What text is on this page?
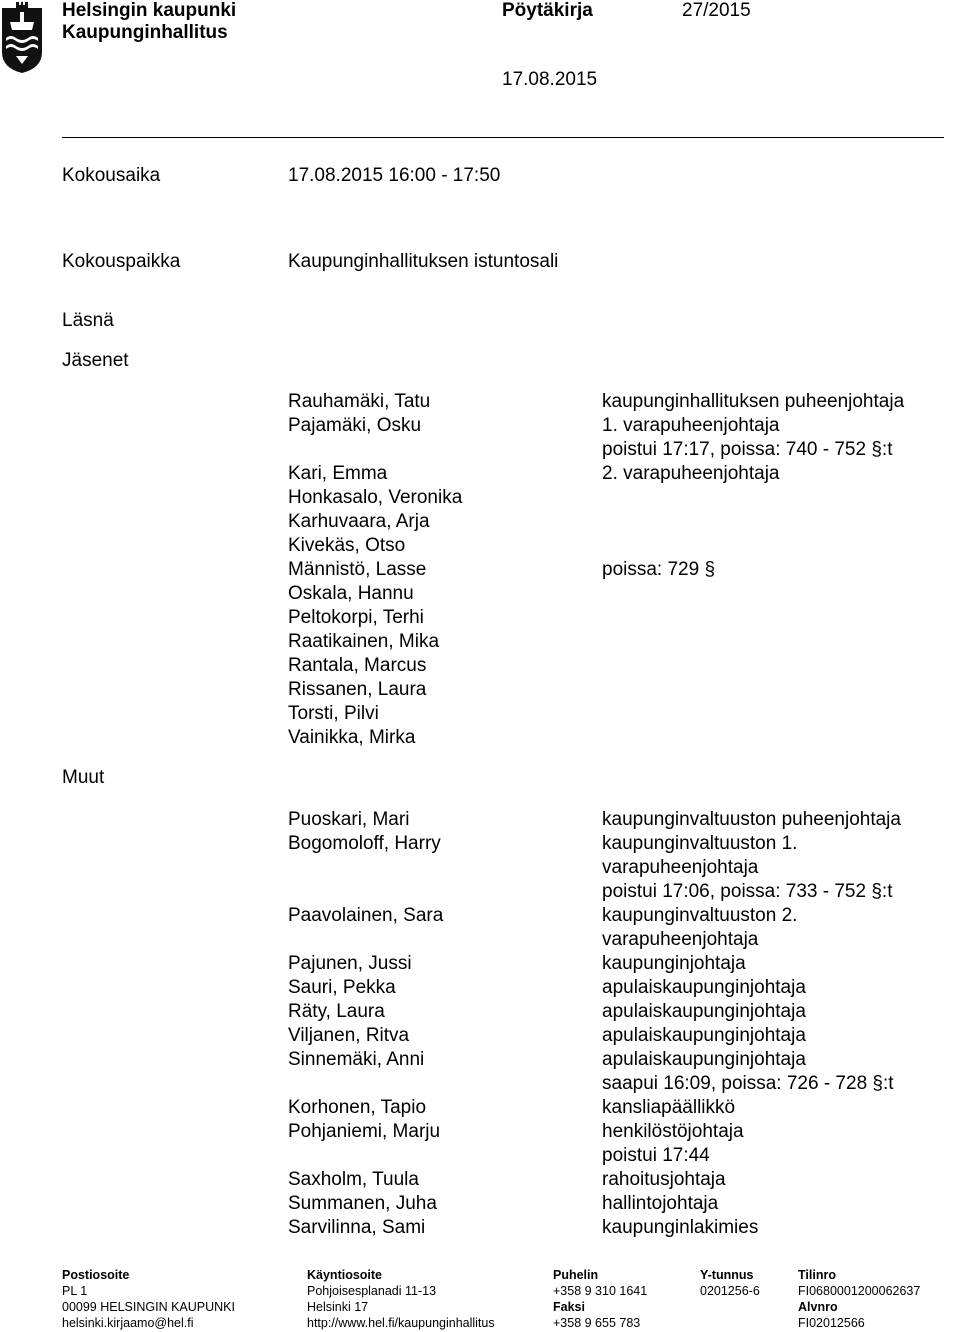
Helsingin kaupunki
Kaupunginhallitus
Pöytäkirja	27/2015
17.08.2015
Kokousaika	17.08.2015 16:00 - 17:50
Kokouspaikka	Kaupunginhallituksen istuntosali
Läsnä
Jäsenet
Muut
Rauhamäki, Tatu	kaupunginhallituksen puheenjohtaja
Pajamäki, Osku	1. varapuheenjohtaja
poistui 17:17, poissa: 740 - 752 §:t
Kari, Emma	2. varapuheenjohtaja
Honkasalo, Veronika
Karhuvaara, Arja
Kivekäs, Otso
Männistö, Lasse	poissa: 729 §
Oskala, Hannu
Peltokorpi, Terhi
Raatikainen, Mika
Rantala, Marcus
Rissanen, Laura
Torsti, Pilvi
Vainikka, Mirka
Puoskari, Mari	kaupunginvaltuuston puheenjohtaja
Bogomoloff, Harry	kaupunginvaltuuston 1.
varapuheenjohtaja
poistui 17:06, poissa: 733 - 752 §:t
Paavolainen, Sara	kaupunginvaltuuston 2.
varapuheenjohtaja
Pajunen, Jussi	kaupunginjohtaja
Sauri, Pekka	apulaiskaupunginjohtaja
Räty, Laura	apulaiskaupunginjohtaja
Viljanen, Ritva	apulaiskaupunginjohtaja
Sinnemäki, Anni	apulaiskaupunginjohtaja
saapui 16:09, poissa: 726 - 728 §:t
Korhonen, Tapio	kansliapäällikkö
Pohjaniemi, Marju	henkilöstöjohtaja
poistui 17:44
Saxholm, Tuula	rahoitusjohtaja
Summanen, Juha	hallintojohtaja
Sarvilinna, Sami	kaupunginlakimies
Postiosoite
PL 1
00099 HELSINGIN KAUPUNKI
helsinki.kirjaamo@hel.fi
Käyntiosoite
Pohjoisesplanadi 11-13
Helsinki 17
http://www.hel.fi/kaupunginhallitus
Puhelin
+358 9 310 1641
Faksi
+358 9 655 783
Y-tunnus
0201256-6
Tilinro
FI0680001200062637
Alvnro
FI02012566
